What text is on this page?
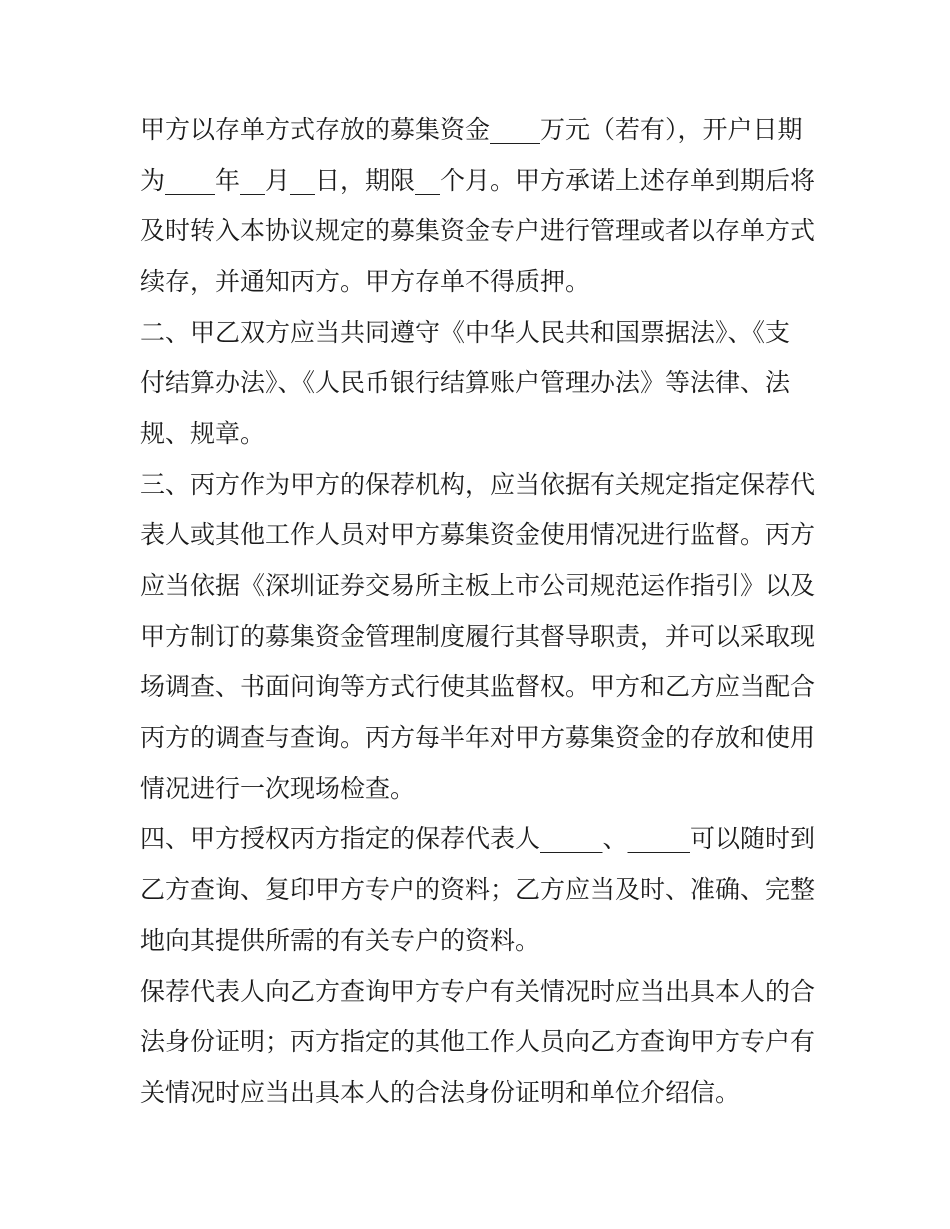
甲方以存单方式存放的募集资金____万元（若有），开户日期
为____年__月__日，期限__个月。甲方承诺上述存单到期后将
及时转入本协议规定的募集资金专户进行管理或者以存单方式
续存，并通知丙方。甲方存单不得质押。
二、甲乙双方应当共同遵守《中华人民共和国票据法》、《支
付结算办法》、《人民币银行结算账户管理办法》等法律、法
规、规章。
三、丙方作为甲方的保荐机构，应当依据有关规定指定保荐代
表人或其他工作人员对甲方募集资金使用情况进行监督。丙方
应当依据《深圳证券交易所主板上市公司规范运作指引》以及
甲方制订的募集资金管理制度履行其督导职责，并可以采取现
场调查、书面问询等方式行使其监督权。甲方和乙方应当配合
丙方的调查与查询。丙方每半年对甲方募集资金的存放和使用
情况进行一次现场检查。
四、甲方授权丙方指定的保荐代表人_____、_____可以随时到
乙方查询、复印甲方专户的资料；乙方应当及时、准确、完整
地向其提供所需的有关专户的资料。
保荐代表人向乙方查询甲方专户有关情况时应当出具本人的合
法身份证明；丙方指定的其他工作人员向乙方查询甲方专户有
关情况时应当出具本人的合法身份证明和单位介绍信。
